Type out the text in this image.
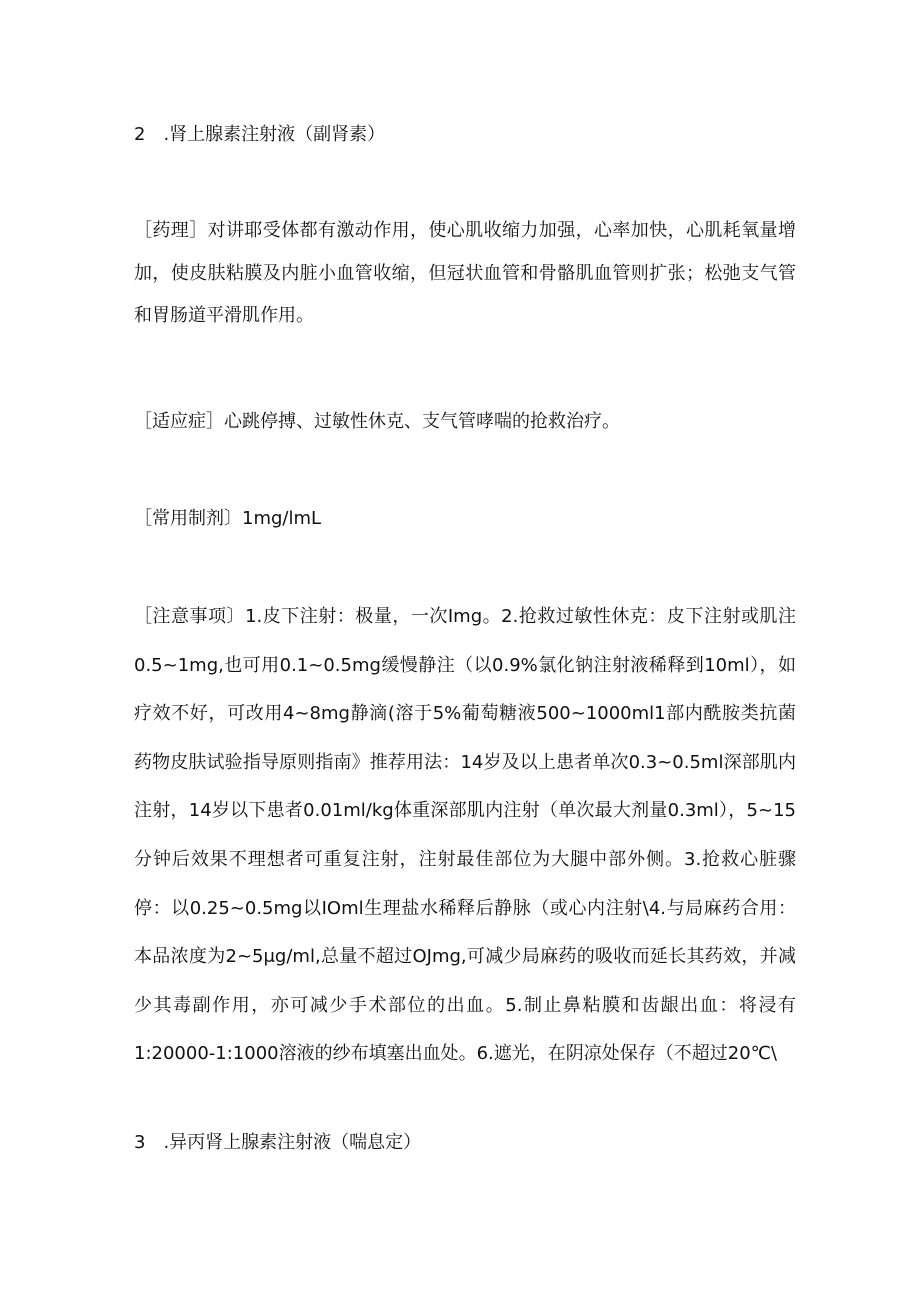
2　.肾上腺素注射液（副肾素）
［药理］对讲耶受体都有激动作用，使心肌收缩力加强，心率加快，心肌耗氧量增加，使皮肤粘膜及内脏小血管收缩，但冠状血管和骨骼肌血管则扩张；松弛支气管和胃肠道平滑肌作用。
［适应症］心跳停搏、过敏性休克、支气管哮喘的抢救治疗。
［常用制剂〕1mg∕lmL
［注意事项〕1.皮下注射：极量，一次Img。2.抢救过敏性休克：皮下注射或肌注0.5~1mg,也可用0.1~0.5mg缓慢静注（以0.9%氯化钠注射液稀释到10ml），如疗效不好，可改用4~8mg静滴(溶于5%葡萄糖液500~1000ml1部内酰胺类抗菌药物皮肤试验指导原则指南》推荐用法：14岁及以上患者单次0.3~0.5ml深部肌内注射，14岁以下患者0.01ml/kg体重深部肌内注射（单次最大剂量0.3ml），5~15分钟后效果不理想者可重复注射，注射最佳部位为大腿中部外侧。3.抢救心脏骤停：以0.25~0.5mg以IOml生理盐水稀释后静脉（或心内注射\4.与局麻药合用：本品浓度为2~5μg∕ml,总量不超过OJmg,可减少局麻药的吸收而延长其药效，并减少其毒副作用，亦可减少手术部位的出血。5.制止鼻粘膜和齿龈出血：将浸有1:20000-1:1000溶液的纱布填塞出血处。6.遮光，在阴凉处保存（不超过20℃\
3　.异丙肾上腺素注射液（喘息定）
